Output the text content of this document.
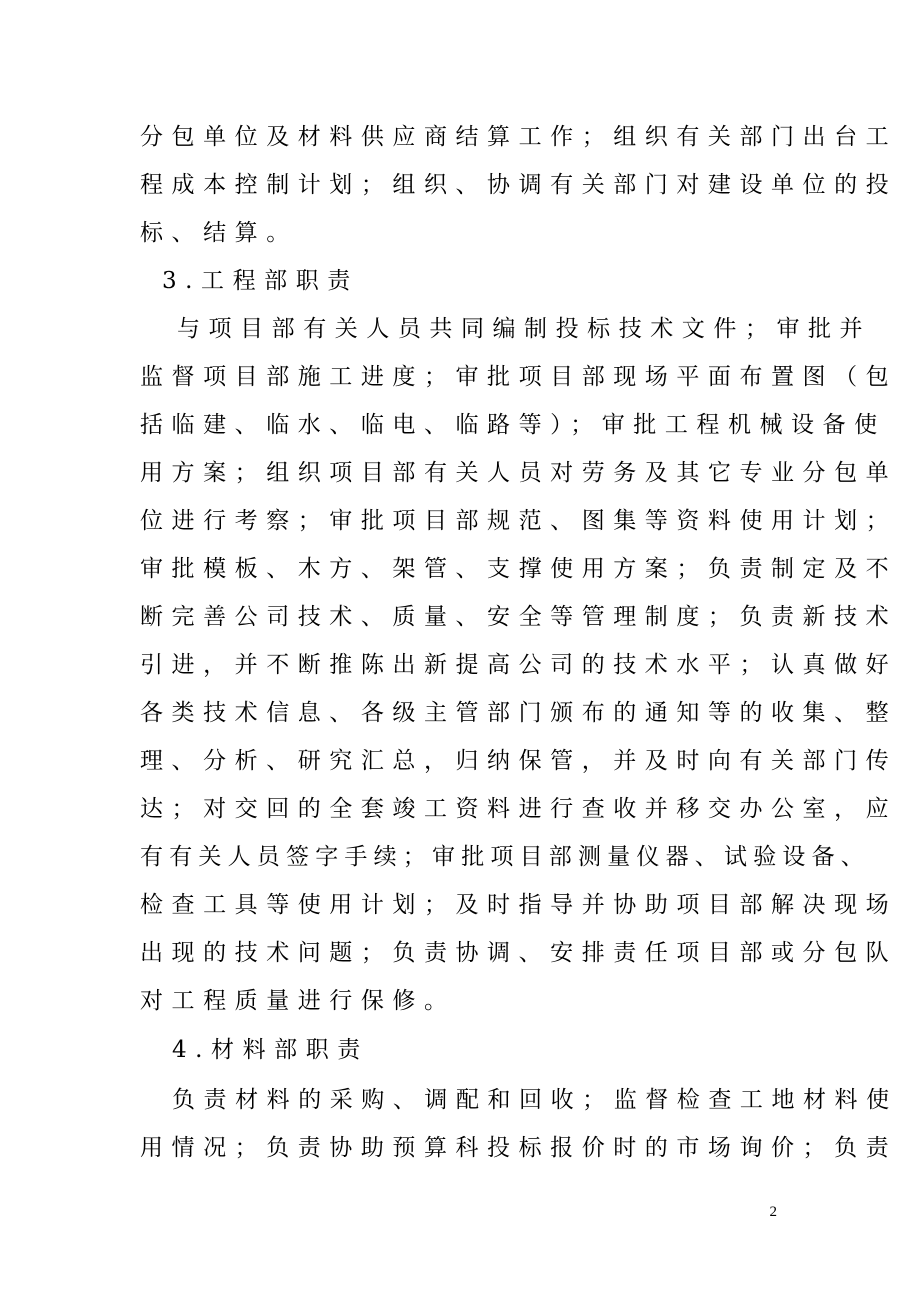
分包单位及材料供应商结算工作；组织有关部门出台工
程成本控制计划；组织、协调有关部门对建设单位的投
标、结算。
3.工程部职责
与项目部有关人员共同编制投标技术文件；审批并
监督项目部施工进度；审批项目部现场平面布置图（包
括临建、临水、临电、临路等）；审批工程机械设备使
用方案；组织项目部有关人员对劳务及其它专业分包单
位进行考察；审批项目部规范、图集等资料使用计划；
审批模板、木方、架管、支撑使用方案；负责制定及不
断完善公司技术、质量、安全等管理制度；负责新技术
引进，并不断推陈出新提高公司的技术水平；认真做好
各类技术信息、各级主管部门颁布的通知等的收集、整
理、分析、研究汇总，归纳保管，并及时向有关部门传
达；对交回的全套竣工资料进行查收并移交办公室，应
有有关人员签字手续；审批项目部测量仪器、试验设备、
检查工具等使用计划；及时指导并协助项目部解决现场
出现的技术问题；负责协调、安排责任项目部或分包队
对工程质量进行保修。
4.材料部职责
负责材料的采购、调配和回收；监督检查工地材料使
用情况；负责协助预算科投标报价时的市场询价；负责
2
